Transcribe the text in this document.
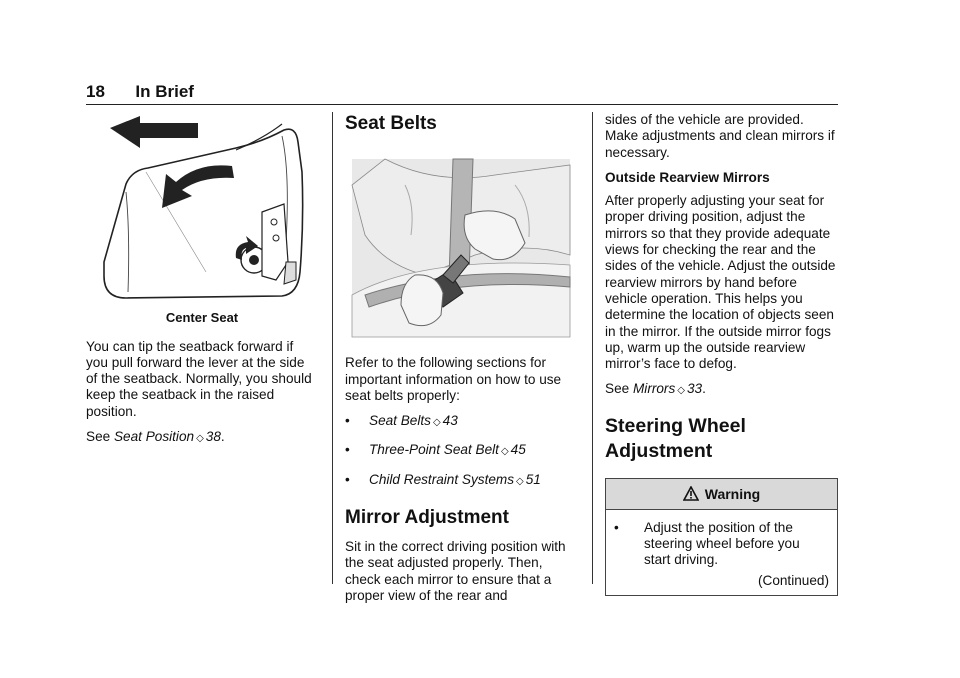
18 In Brief
Center Seat

You can tip the seatback forward if you pull forward the lever at the side of the seatback. Normally, you should keep the seatback in the raised position.

See Seat Position ◇ 38.

Seat Belts

Refer to the following sections for important information on how to use seat belts properly:

• Seat Belts ◇ 43
• Three-Point Seat Belt ◇ 45
• Child Restraint Systems ◇ 51
Mirror Adjustment

Sit in the correct driving position with the seat adjusted properly. Then, check each mirror to ensure that a proper view of the rear and

sides of the vehicle are provided. Make adjustments and clean mirrors if necessary.

Outside Rearview Mirrors

After properly adjusting your seat for proper driving position, adjust the mirrors so that they provide adequate views for checking the rear and the sides of the vehicle. Adjust the outside rearview mirrors by hand before vehicle operation. This helps you determine the location of objects seen in the mirror. If the outside mirror fogs up, warm up the outside rearview mirror’s face to defog.

See Mirrors ◇ 33.

Steering Wheel
Adjustment
Warning
• Adjust the position of the steering wheel before you start driving.
(Continued)
